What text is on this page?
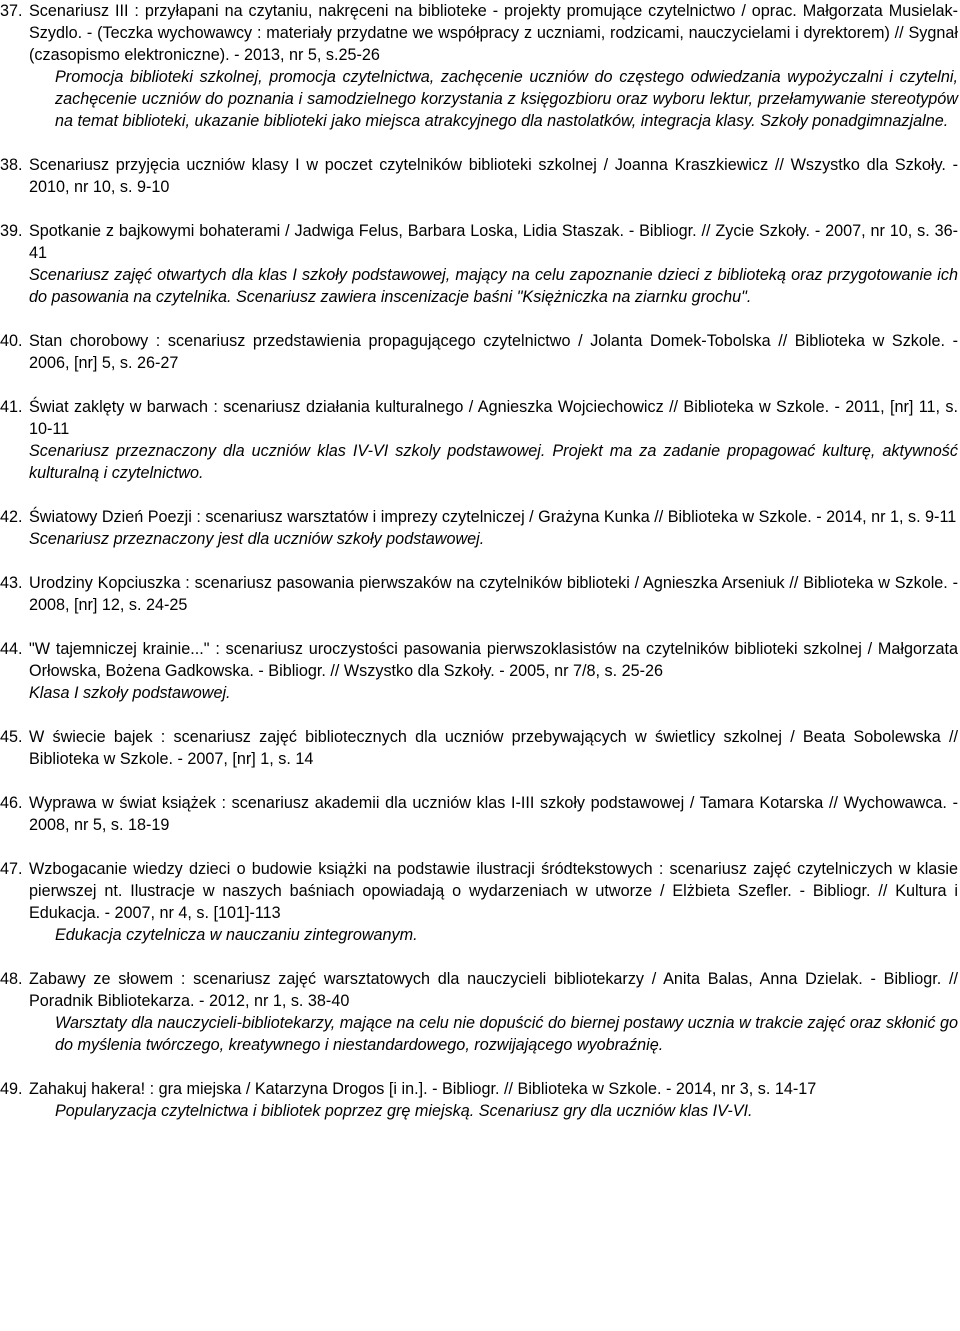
37. Scenariusz III : przyłapani na czytaniu, nakręceni na biblioteke - projekty promujące czytelnictwo / oprac. Małgorzata Musielak-Szydlo. - (Teczka wychowawcy : materiały przydatne we współpracy z uczniami, rodzicami, nauczycielami i dyrektorem) // Sygnał (czasopismo elektroniczne). - 2013, nr 5, s.25-26
Promocja biblioteki szkolnej, promocja czytelnictwa, zachęcenie uczniów do częstego odwiedzania wypożyczalni i czytelni, zachęcenie uczniów do poznania i samodzielnego korzystania z księgozbioru oraz wyboru lektur, przełamywanie stereotypów na temat biblioteki, ukazanie biblioteki jako miejsca atrakcyjnego dla nastolatków, integracja klasy. Szkoły ponadgimnazjalne.
38. Scenariusz przyjęcia uczniów klasy I w poczet czytelników biblioteki szkolnej / Joanna Kraszkiewicz // Wszystko dla Szkoły. - 2010, nr 10, s. 9-10
39. Spotkanie z bajkowymi bohaterami / Jadwiga Felus, Barbara Loska, Lidia Staszak. - Bibliogr. // Zycie Szkoły. - 2007, nr 10, s. 36-41
Scenariusz zajęć otwartych dla klas I szkoły podstawowej, mający na celu zapoznanie dzieci z biblioteką oraz przygotowanie ich do pasowania na czytelnika. Scenariusz zawiera inscenizacje baśni "Księżniczka na ziarnku grochu".
40. Stan chorobowy : scenariusz przedstawienia propagującego czytelnictwo / Jolanta Domek-Tobolska // Biblioteka w Szkole. - 2006, [nr] 5, s. 26-27
41. Świat zaklęty w barwach : scenariusz działania kulturalnego / Agnieszka Wojciechowicz // Biblioteka w Szkole. - 2011, [nr] 11, s. 10-11
Scenariusz przeznaczony dla uczniów klas IV-VI szkoly podstawowej. Projekt ma za zadanie propagować kulturę, aktywność kulturalną i czytelnictwo.
42. Światowy Dzień Poezji : scenariusz warsztatów i imprezy czytelniczej / Grażyna Kunka // Biblioteka w Szkole. - 2014, nr 1, s. 9-11
Scenariusz przeznaczony jest dla uczniów szkoły podstawowej.
43. Urodziny Kopciuszka : scenariusz pasowania pierwszaków na czytelników biblioteki / Agnieszka Arseniuk // Biblioteka w Szkole. - 2008, [nr] 12, s. 24-25
44. "W tajemniczej krainie..." : scenariusz uroczystości pasowania pierwszoklasistów na czytelników biblioteki szkolnej / Małgorzata Orłowska, Bożena Gadkowska. - Bibliogr. // Wszystko dla Szkoły. - 2005, nr 7/8, s. 25-26
Klasa I szkoły podstawowej.
45. W świecie bajek : scenariusz zajęć bibliotecznych dla uczniów przebywających w świetlicy szkolnej / Beata Sobolewska // Biblioteka w Szkole. - 2007, [nr] 1, s. 14
46. Wyprawa w świat książek : scenariusz akademii dla uczniów klas I-III szkoły podstawowej / Tamara Kotarska // Wychowawca. - 2008, nr 5, s. 18-19
47. Wzbogacanie wiedzy dzieci o budowie książki na podstawie ilustracji śródtekstowych : scenariusz zajęć czytelniczych w klasie pierwszej nt. Ilustracje w naszych baśniach opowiadają o wydarzeniach w utworze / Elżbieta Szefler. - Bibliogr. // Kultura i Edukacja. - 2007, nr 4, s. [101]-113
Edukacja czytelnicza w nauczaniu zintegrowanym.
48. Zabawy ze słowem : scenariusz zajęć warsztatowych dla nauczycieli bibliotekarzy / Anita Balas, Anna Dzielak. - Bibliogr. // Poradnik Bibliotekarza. - 2012, nr 1, s. 38-40
Warsztaty dla nauczycieli-bibliotekarzy, mające na celu nie dopuścić do biernej postawy ucznia w trakcie zajęć oraz skłonić go do myślenia twórczego, kreatywnego i niestandardowego, rozwijającego wyobraźnię.
49. Zahakuj hakera! : gra miejska / Katarzyna Drogos [i in.]. - Bibliogr. // Biblioteka w Szkole. - 2014, nr 3, s. 14-17
Popularyzacja czytelnictwa i bibliotek poprzez grę miejską. Scenariusz gry dla uczniów klas IV-VI.
